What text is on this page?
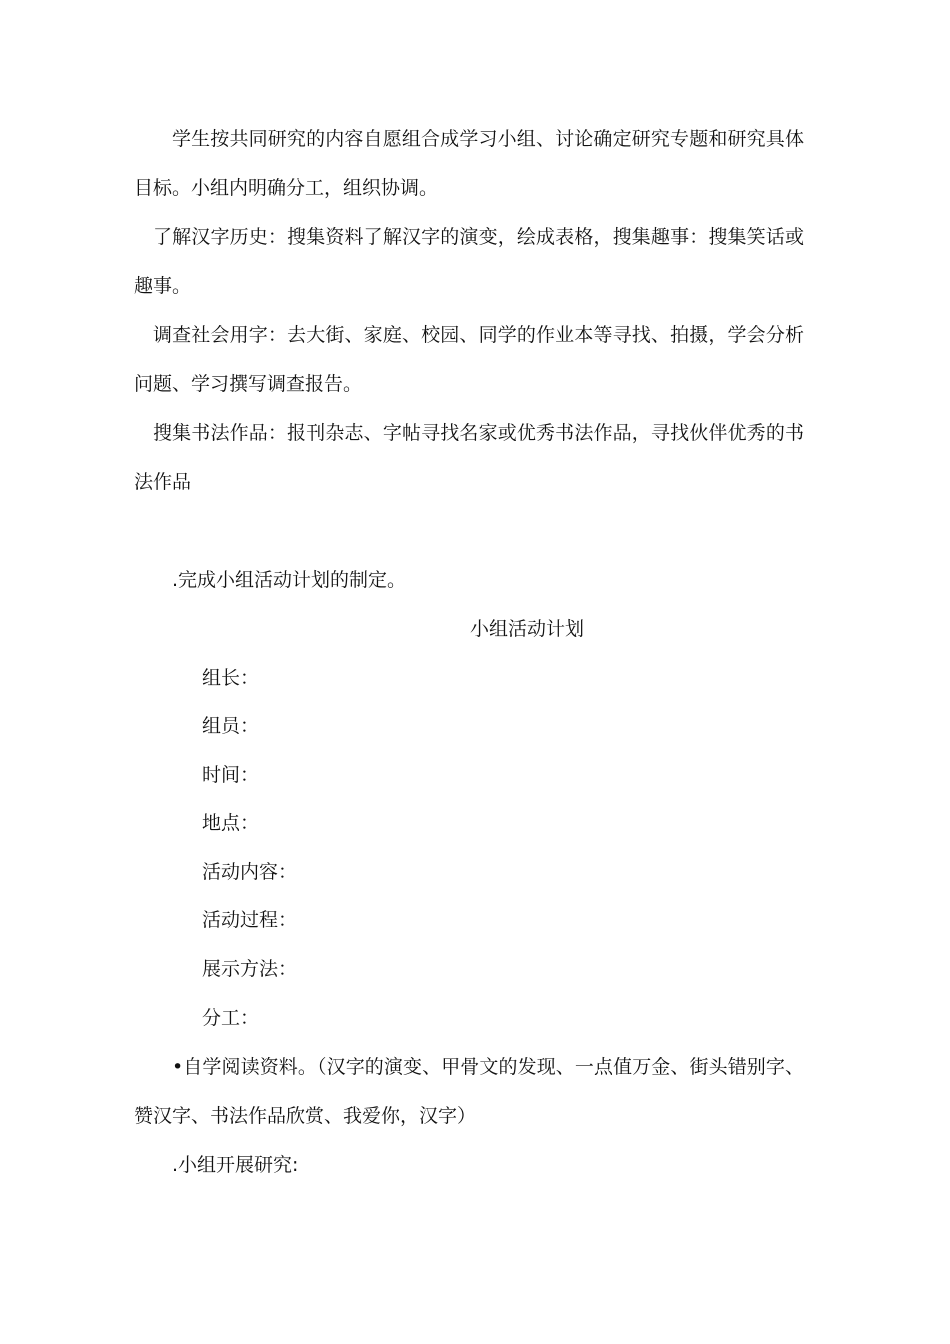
学生按共同研究的内容自愿组合成学习小组、讨论确定研究专题和研究具体
目标。小组内明确分工，组织协调。
了解汉字历史：搜集资料了解汉字的演变，绘成表格，搜集趣事：搜集笑话或
趣事。
调查社会用字：去大街、家庭、校园、同学的作业本等寻找、拍摄，学会分析
问题、学习撰写调查报告。
搜集书法作品：报刊杂志、字帖寻找名家或优秀书法作品，寻找伙伴优秀的书
法作品
.完成小组活动计划的制定。
小组活动计划
组长：
组员：
时间：
地点：
活动内容：
活动过程：
展示方法：
分工：
•自学阅读资料。（汉字的演变、甲骨文的发现、一点值万金、街头错别字、
赞汉字、书法作品欣赏、我爱你，汉字）
.小组开展研究:
